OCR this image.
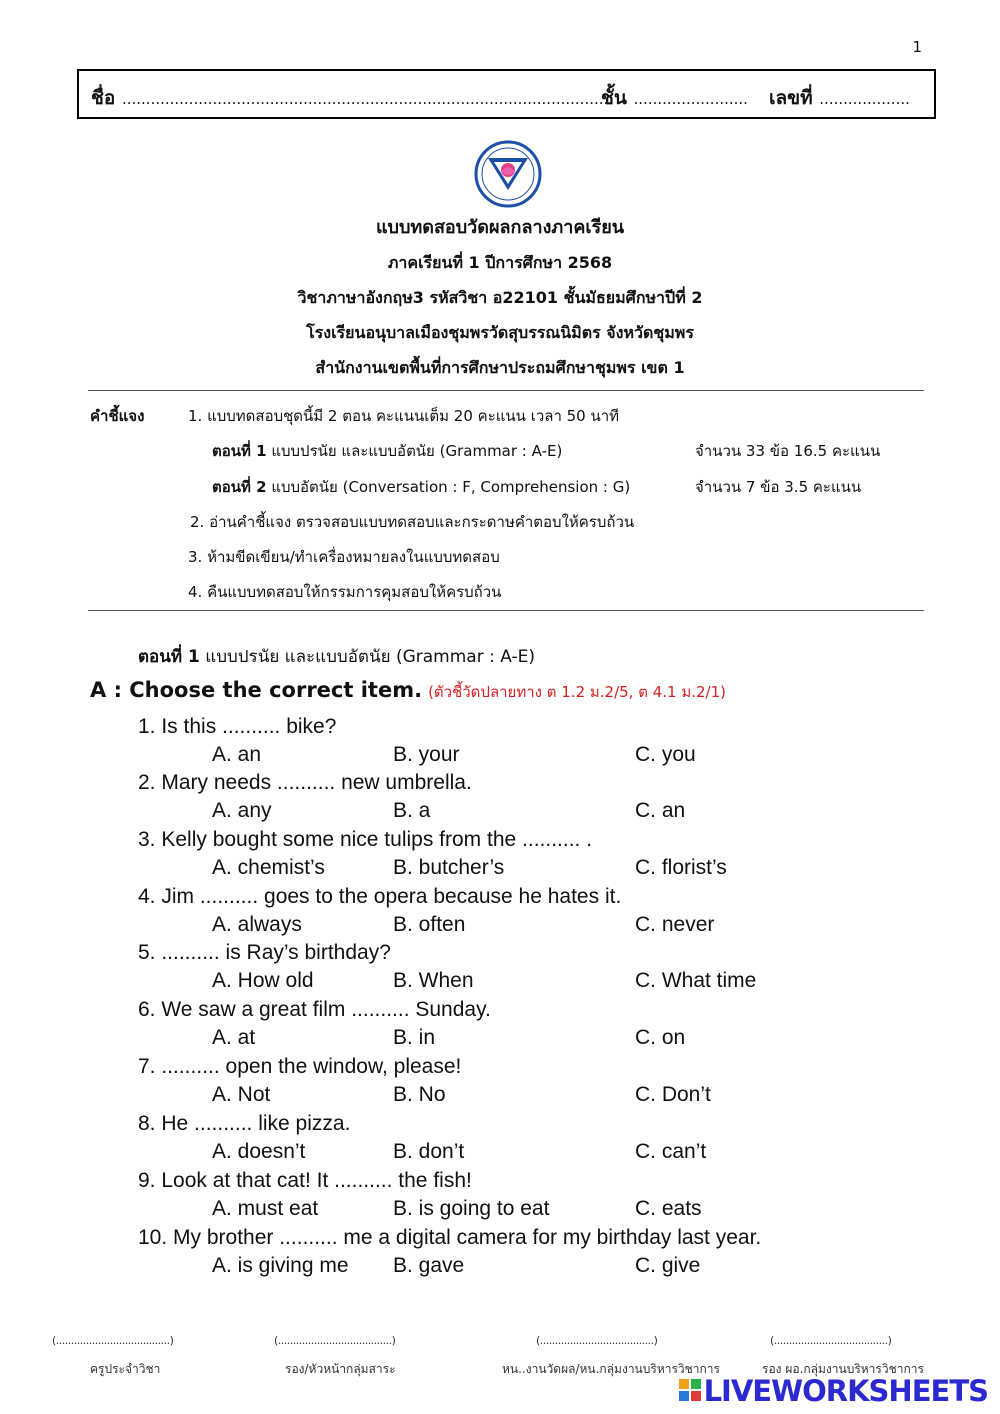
1
ชื่อ ......................................................................................................
ชั้น ........................ เลขที่ ...................
แบบทดสอบวัดผลกลางภาคเรียน
ภาคเรียนที่ 1 ปีการศึกษา 2568
วิชาภาษาอังกฤษ3 รหัสวิชา อ22101 ชั้นมัธยมศึกษาปีที่ 2
โรงเรียนอนุบาลเมืองชุมพรวัดสุบรรณนิมิตร จังหวัดชุมพร
สำนักงานเขตพื้นที่การศึกษาประถมศึกษาชุมพร เขต 1
คำชี้แจง	1. แบบทดสอบชุดนี้มี 2 ตอน คะแนนเต็ม 20 คะแนน เวลา 50 นาที
ตอนที่ 1 แบบปรนัย และแบบอัตนัย (Grammar : A-E)	จำนวน 33 ข้อ 16.5 คะแนน
ตอนที่ 2 แบบอัตนัย (Conversation : F, Comprehension : G)	จำนวน 7 ข้อ 3.5 คะแนน
2. อ่านคำชี้แจง ตรวจสอบแบบทดสอบและกระดาษคำตอบให้ครบถ้วน
3. ห้ามขีดเขียน/ทำเครื่องหมายลงในแบบทดสอบ
4. คืนแบบทดสอบให้กรรมการคุมสอบให้ครบถ้วน
ตอนที่ 1 แบบปรนัย และแบบอัตนัย (Grammar : A-E)
A : Choose the correct item. (ตัวชี้วัดปลายทาง ต 1.2 ม.2/5, ต 4.1 ม.2/1)
1. Is this .......... bike?
A. an	B. your	C. you
2. Mary needs .......... new umbrella.
A. any	B. a	C. an
3. Kelly bought some nice tulips from the .......... .
A. chemist’s	B. butcher’s	C. florist’s
4. Jim .......... goes to the opera because he hates it.
A. always	B. often	C. never
5. .......... is Ray’s birthday?
A. How old	B. When	C. What time
6. We saw a great film .......... Sunday.
A. at	B. in	C. on
7. .......... open the window, please!
A. Not	B. No	C. Don’t
8. He .......... like pizza.
A. doesn’t	B. don’t	C. can’t
9. Look at that cat! It .......... the fish!
A. must eat	B. is going to eat	C. eats
10. My brother .......... me a digital camera for my birthday last year.
A. is giving me B. gave	C. give
(......................................)	(......................................)	(......................................)	(......................................)
ครูประจำวิชา	รอง/หัวหน้ากลุ่มสาระ	หน..งานวัดผล/หน.กลุ่มงานบริหารวิชาการ	รอง ผอ.กลุ่มงานบริหารวิชาการ
LIVEWORKSHEETS
